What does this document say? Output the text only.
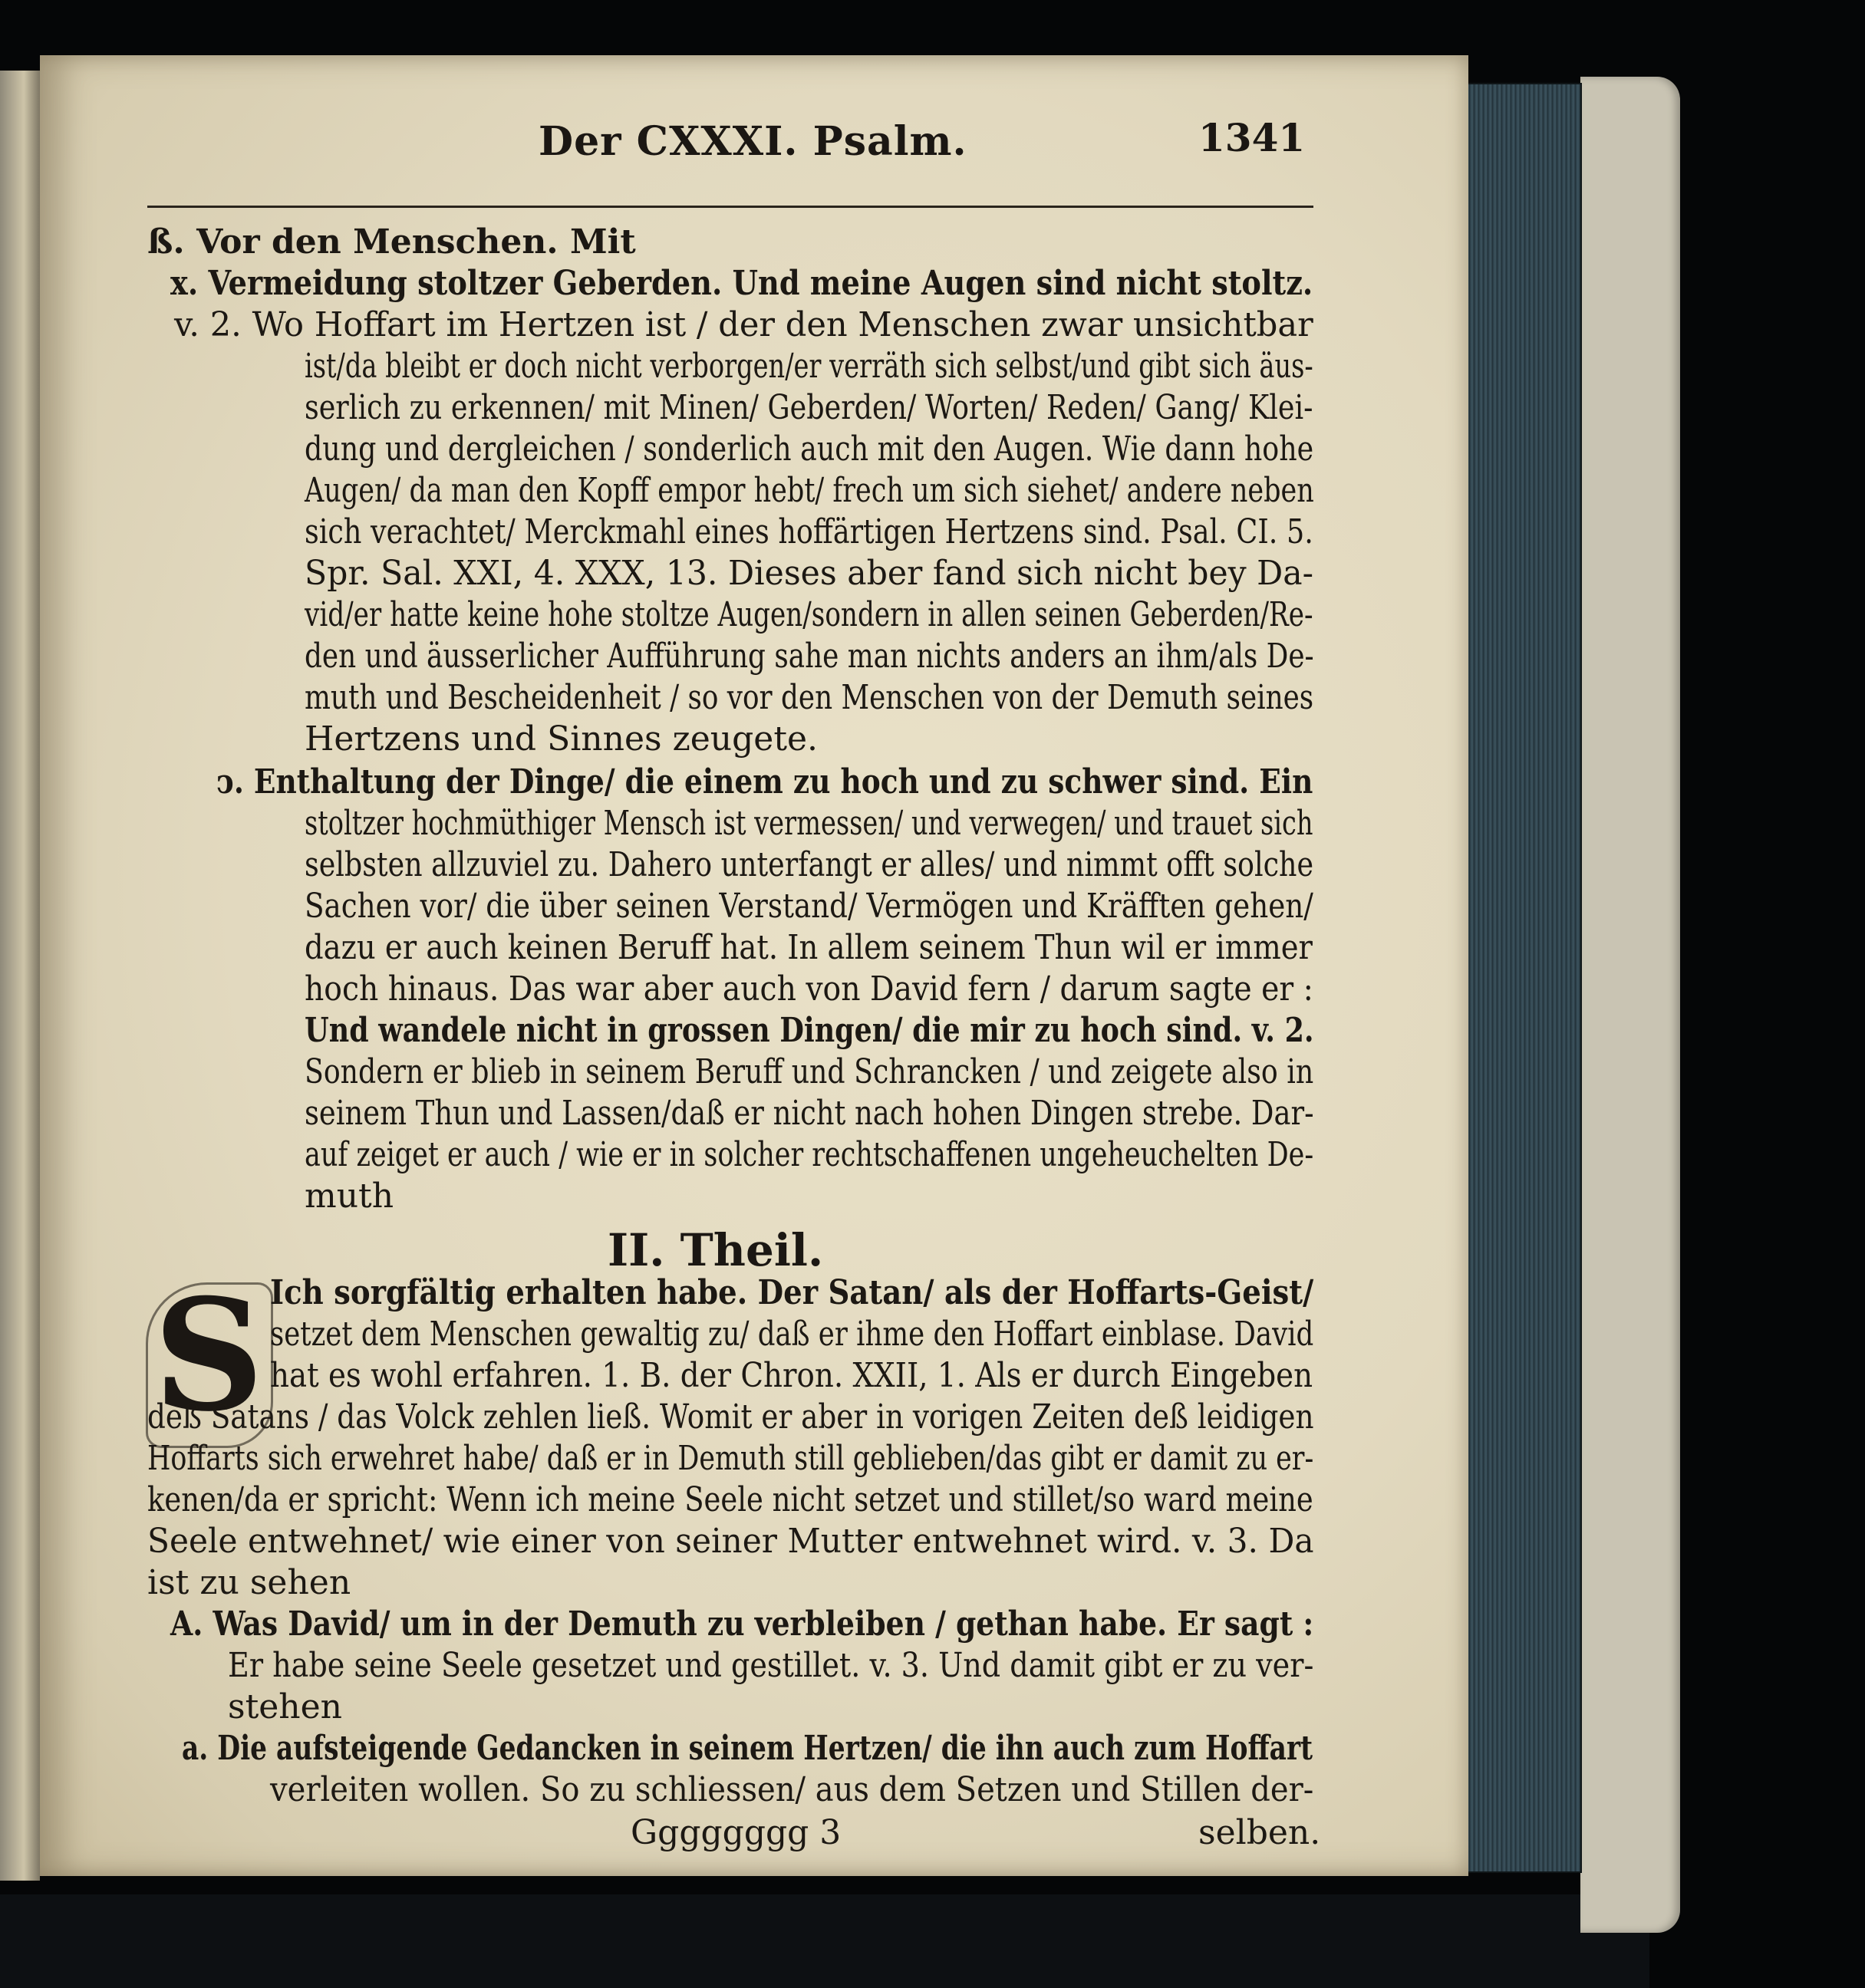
Der CXXXI. Psalm.	1341
ß. Vor den Menschen. Mit
x. Vermeidung stoltzer Geberden. Und meine Augen sind nicht stoltz.
v. 2. Wo Hoffart im Hertzen ist / der den Menschen zwar unsichtbar
ist/da bleibt er doch nicht verborgen/er verräth sich selbst/und gibt sich äus-
serlich zu erkennen/ mit Minen/ Geberden/ Worten/ Reden/ Gang/ Klei-
dung und dergleichen / sonderlich auch mit den Augen. Wie dann hohe
Augen/ da man den Kopff empor hebt/ frech um sich siehet/ andere neben
sich verachtet/ Merckmahl eines hoffärtigen Hertzens sind. Psal. CI. 5.
Spr. Sal. XXI, 4. XXX, 13. Dieses aber fand sich nicht bey Da-
vid/er hatte keine hohe stoltze Augen/sondern in allen seinen Geberden/Re-
den und äusserlicher Aufführung sahe man nichts anders an ihm/als De-
muth und Bescheidenheit / so vor den Menschen von der Demuth seines
Hertzens und Sinnes zeugete.
ↄ. Enthaltung der Dinge/ die einem zu hoch und zu schwer sind. Ein
stoltzer hochmüthiger Mensch ist vermessen/ und verwegen/ und trauet sich
selbsten allzuviel zu. Dahero unterfangt er alles/ und nimmt offt solche
Sachen vor/ die über seinen Verstand/ Vermögen und Kräfften gehen/
dazu er auch keinen Beruff hat. In allem seinem Thun wil er immer
hoch hinaus. Das war aber auch von David fern / darum sagte er :
Und wandele nicht in grossen Dingen/ die mir zu hoch sind. v. 2.
Sondern er blieb in seinem Beruff und Schrancken / und zeigete also in
seinem Thun und Lassen/daß er nicht nach hohen Dingen strebe. Dar-
auf zeiget er auch / wie er in solcher rechtschaffenen ungeheuchelten De-
muth
II. Theil.
S Ich sorgfältig erhalten habe. Der Satan/ als der Hoffarts-Geist/
setzet dem Menschen gewaltig zu/ daß er ihme den Hoffart einblase. David
hat es wohl erfahren. 1. B. der Chron. XXII, 1. Als er durch Eingeben
deß Satans / das Volck zehlen ließ. Womit er aber in vorigen Zeiten deß leidigen
Hoffarts sich erwehret habe/ daß er in Demuth still geblieben/das gibt er damit zu er-
kenen/da er spricht: Wenn ich meine Seele nicht setzet und stillet/so ward meine
Seele entwehnet/ wie einer von seiner Mutter entwehnet wird. v. 3. Da
ist zu sehen
A. Was David/ um in der Demuth zu verbleiben / gethan habe. Er sagt :
Er habe seine Seele gesetzet und gestillet. v. 3. Und damit gibt er zu ver-
stehen
a. Die aufsteigende Gedancken in seinem Hertzen/ die ihn auch zum Hoffart
verleiten wollen. So zu schliessen/ aus dem Setzen und Stillen der-
Gggggggg 3	selben.
